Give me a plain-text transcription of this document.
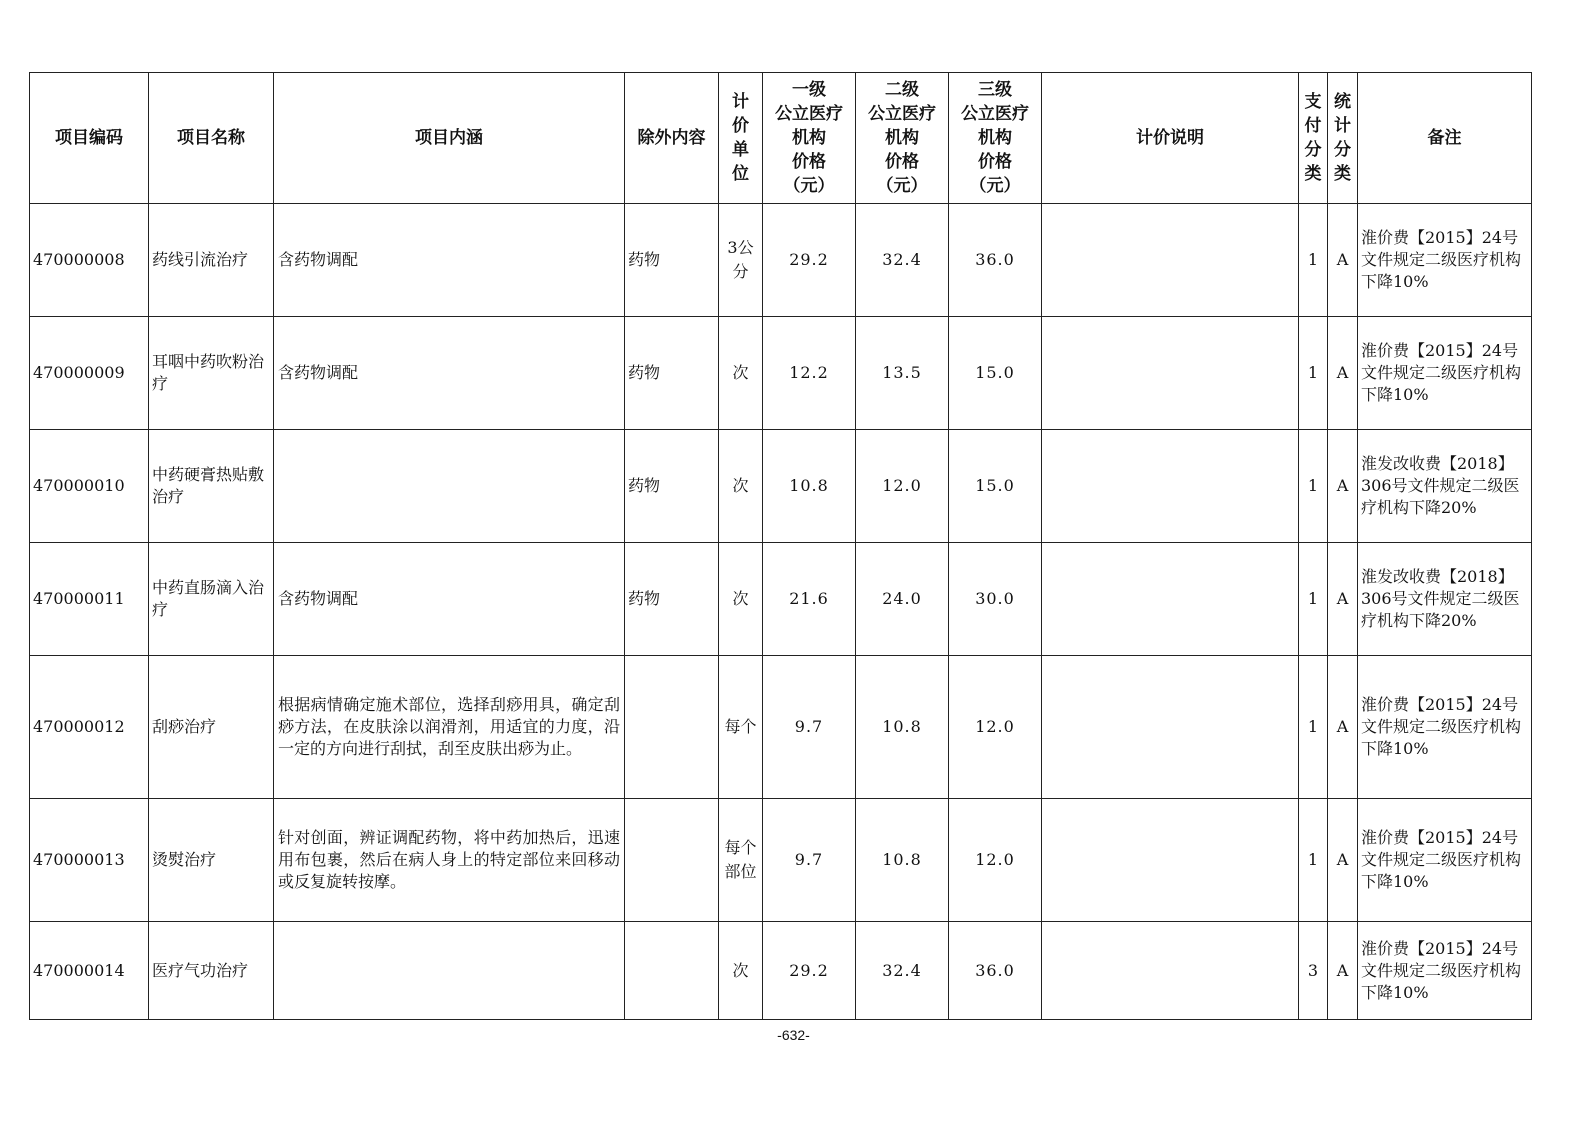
项目编码	项目名称	项目内涵	除外内容	计价单位	一级
公立医疗
机构
价格
（元）	二级
公立医疗
机构
价格
（元）	三级
公立医疗
机构
价格
（元）	计价说明	支付分类	统计分类	备注
470000008	药线引流治疗	含药物调配	药物	3公分	29.2	32.4	36.0		1	A	淮价费【2015】24号文件规定二级医疗机构下降10%
470000009	耳咽中药吹粉治疗	含药物调配	药物	次	12.2	13.5	15.0		1	A	淮价费【2015】24号文件规定二级医疗机构下降10%
470000010	中药硬膏热贴敷治疗		药物	次	10.8	12.0	15.0		1	A	淮发改收费【2018】306号文件规定二级医疗机构下降20%
470000011	中药直肠滴入治疗	含药物调配	药物	次	21.6	24.0	30.0		1	A	淮发改收费【2018】306号文件规定二级医疗机构下降20%
470000012	刮痧治疗	根据病情确定施术部位，选择刮痧用具，确定刮痧方法，在皮肤涂以润滑剂，用适宜的力度，沿一定的方向进行刮拭，刮至皮肤出痧为止。		每个	9.7	10.8	12.0		1	A	淮价费【2015】24号文件规定二级医疗机构下降10%
470000013	烫熨治疗	针对创面，辨证调配药物，将中药加热后，迅速用布包裹，然后在病人身上的特定部位来回移动或反复旋转按摩。		每个部位	9.7	10.8	12.0		1	A	淮价费【2015】24号文件规定二级医疗机构下降10%
470000014	医疗气功治疗			次	29.2	32.4	36.0		3	A	淮价费【2015】24号文件规定二级医疗机构下降10%
-632-
